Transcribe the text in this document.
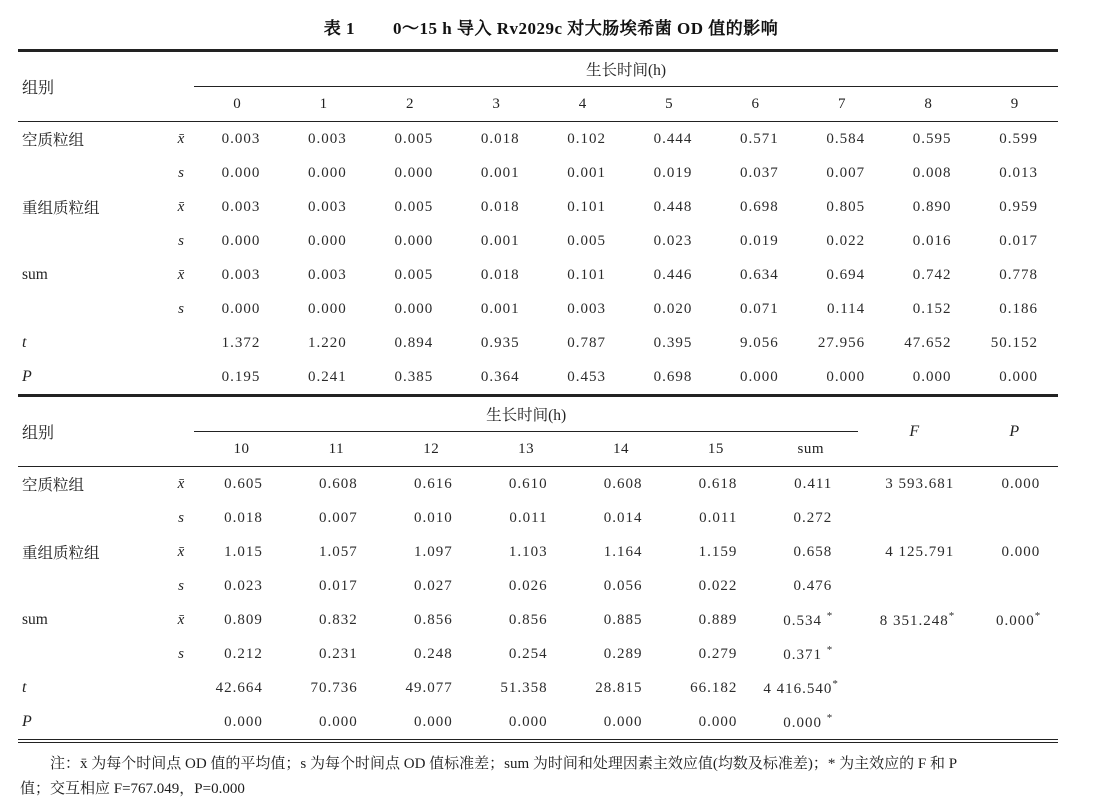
表 1 0～15 h 导入 Rv2029c 对大肠埃希菌 OD 值的影响
组别		生长时间(h)									
		0	1	2	3	4	5	6	7	8	9
空质粒组	x̄	0.003	0.003	0.005	0.018	0.102	0.444	0.571	0.584	0.595	0.599
	s	0.000	0.000	0.000	0.001	0.001	0.019	0.037	0.007	0.008	0.013
重组质粒组	x̄	0.003	0.003	0.005	0.018	0.101	0.448	0.698	0.805	0.890	0.959
	s	0.000	0.000	0.000	0.001	0.005	0.023	0.019	0.022	0.016	0.017
sum	x̄	0.003	0.003	0.005	0.018	0.101	0.446	0.634	0.694	0.742	0.778
	s	0.000	0.000	0.000	0.001	0.003	0.020	0.071	0.114	0.152	0.186
t		1.372	1.220	0.894	0.935	0.787	0.395	9.056	27.956	47.652	50.152
P		0.195	0.241	0.385	0.364	0.453	0.698	0.000	0.000	0.000	0.000
组别		生长时间(h)							F	P
		10	11	12	13	14	15	sum		
空质粒组	x̄	0.605	0.608	0.616	0.610	0.608	0.618	0.411	3 593.681	0.000
	s	0.018	0.007	0.010	0.011	0.014	0.011	0.272		
重组质粒组	x̄	1.015	1.057	1.097	1.103	1.164	1.159	0.658	4 125.791	0.000
	s	0.023	0.017	0.027	0.026	0.056	0.022	0.476		
sum	x̄	0.809	0.832	0.856	0.856	0.885	0.889	0.534 *	8 351.248*	0.000*
	s	0.212	0.231	0.248	0.254	0.289	0.279	0.371 *		
t		42.664	70.736	49.077	51.358	28.815	66.182	4 416.540*		
P		0.000	0.000	0.000	0.000	0.000	0.000	0.000 *		
注：x̄ 为每个时间点 OD 值的平均值；s 为每个时间点 OD 值标准差；sum 为时间和处理因素主效应值(均数及标准差)；* 为主效应的 F 和 P
值；交互相应 F=767.049，P=0.000
